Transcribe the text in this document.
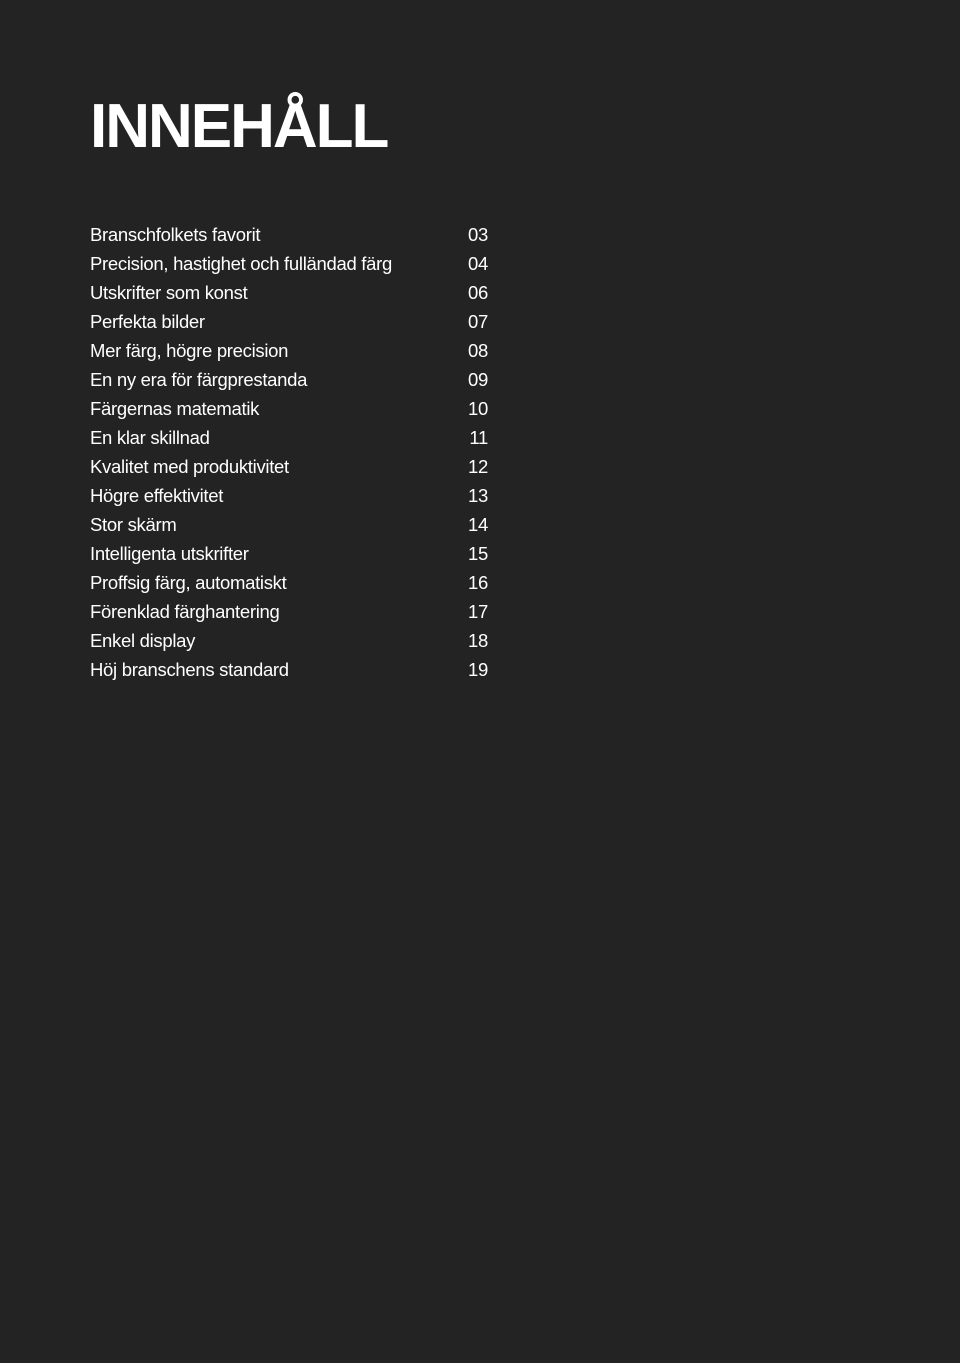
INNEHÅLL
Branschfolkets favorit	03
Precision, hastighet och fulländad färg	04
Utskrifter som konst	06
Perfekta bilder	07
Mer färg, högre precision	08
En ny era för färgprestanda	09
Färgernas matematik	10
En klar skillnad	11
Kvalitet med produktivitet	12
Högre effektivitet	13
Stor skärm	14
Intelligenta utskrifter	15
Proffsig färg, automatiskt	16
Förenklad färghantering	17
Enkel display	18
Höj branschens standard	19
